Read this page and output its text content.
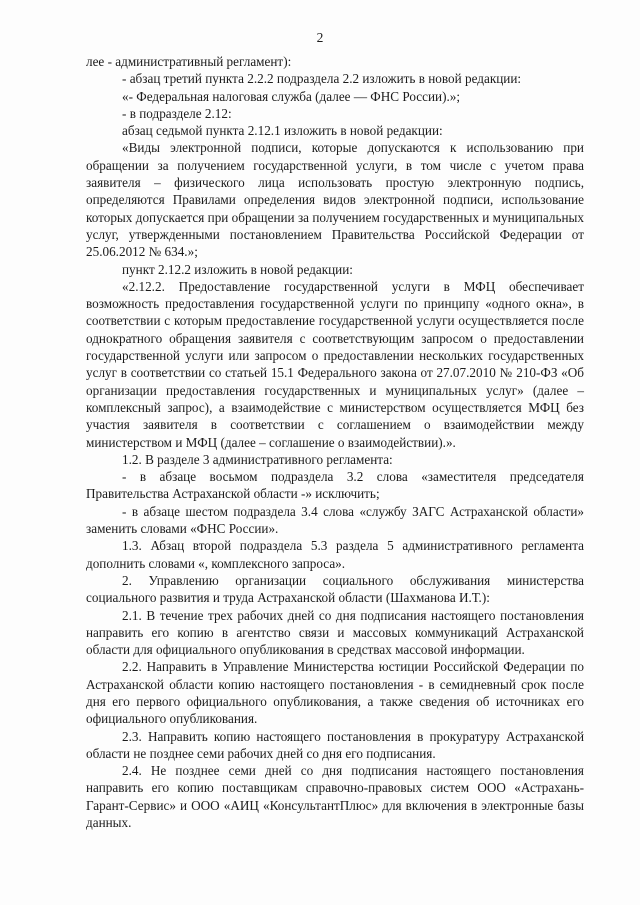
2

лее - административный регламент):

- абзац третий пункта 2.2.2 подраздела 2.2 изложить в новой редакции:

«- Федеральная налоговая служба (далее — ФНС России).»;

- в подразделе 2.12:

абзац седьмой пункта 2.12.1 изложить в новой редакции:

«Виды электронной подписи, которые допускаются к использованию при обращении за получением государственной услуги, в том числе с учетом права заявителя – физического лица использовать простую электронную подпись, определяются Правилами определения видов электронной подписи, использование которых допускается при обращении за получением государственных и муниципальных услуг, утвержденными постановлением Правительства Российской Федерации от 25.06.2012 № 634.»;

пункт 2.12.2 изложить в новой редакции:

«2.12.2. Предоставление государственной услуги в МФЦ обеспечивает возможность предоставления государственной услуги по принципу «одного окна», в соответствии с которым предоставление государственной услуги осуществляется после однократного обращения заявителя с соответствующим запросом о предоставлении государственной услуги или запросом о предоставлении нескольких государственных услуг в соответствии со статьей 15.1 Федерального закона от 27.07.2010 № 210-ФЗ «Об организации предоставления государственных и муниципальных услуг» (далее – комплексный запрос), а взаимодействие с министерством осуществляется МФЦ без участия заявителя в соответствии с соглашением о взаимодействии между министерством и МФЦ (далее – соглашение о взаимодействии).».

1.2. В разделе 3 административного регламента:

- в абзаце восьмом подраздела 3.2 слова «заместителя председателя Правительства Астраханской области -» исключить;

- в абзаце шестом подраздела 3.4 слова «службу ЗАГС Астраханской области» заменить словами «ФНС России».

1.3. Абзац второй подраздела 5.3 раздела 5 административного регламента дополнить словами «, комплексного запроса».

2. Управлению организации социального обслуживания министерства социального развития и труда Астраханской области (Шахманова И.Т.):

2.1. В течение трех рабочих дней со дня подписания настоящего постановления направить его копию в агентство связи и массовых коммуникаций Астраханской области для официального опубликования в средствах массовой информации.

2.2. Направить в Управление Министерства юстиции Российской Федерации по Астраханской области копию настоящего постановления - в семидневный срок после дня его первого официального опубликования, а также сведения об источниках его официального опубликования.

2.3. Направить копию настоящего постановления в прокуратуру Астраханской области не позднее семи рабочих дней со дня его подписания.

2.4. Не позднее семи дней со дня подписания настоящего постановления направить его копию поставщикам справочно-правовых систем ООО «Астрахань-Гарант-Сервис» и ООО «АИЦ «КонсультантПлюс» для включения в электронные базы данных.
